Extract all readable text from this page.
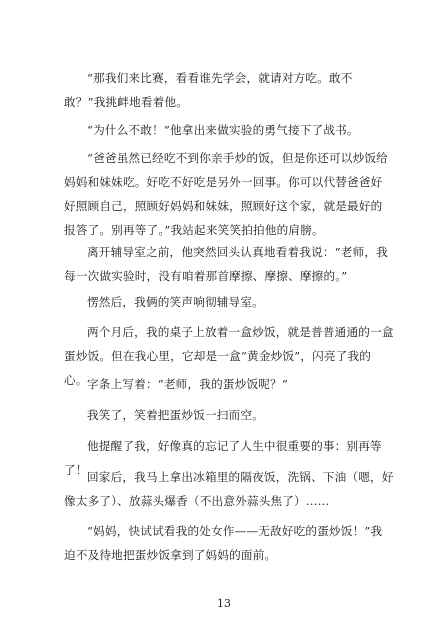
“那我们来比赛，看看谁先学会，就请对方吃。敢不敢？”我挑衅地看着他。

“为什么不敢！”他拿出来做实验的勇气接下了战书。

“爸爸虽然已经吃不到你亲手炒的饭，但是你还可以炒饭给妈妈和妹妹吃。好吃不好吃是另外一回事。你可以代替爸爸好好照顾自己，照顾好妈妈和妹妹，照顾好这个家，就是最好的报答了。别再等了。”我站起来笑笑拍拍他的肩膀。

离开辅导室之前，他突然回头认真地看着我说：“老师，我每一次做实验时，没有咱着那首摩擦、摩擦、摩擦的。”

愣然后，我俩的笑声响彻辅导室。

两个月后，我的桌子上放着一盒炒饭，就是普普通通的一盒蛋炒饭。但在我心里，它却是一盒“黄金炒饭”，闪亮了我的心。 字条上写着：“老师，我的蛋炒饭呢？”

我笑了，笑着把蛋炒饭一扫而空。

他提醒了我，好像真的忘记了人生中很重要的事：别再等了！ 回家后，我马上拿出冰箱里的隔夜饭，洗锅、下油（嗯，好像太多了）、放蒜头爆香（不出意外蒜头焦了）……

“妈妈，快试试看我的处女作——无敌好吃的蛋炒饭！”我迫不及待地把蛋炒饭拿到了妈妈的面前。

13
